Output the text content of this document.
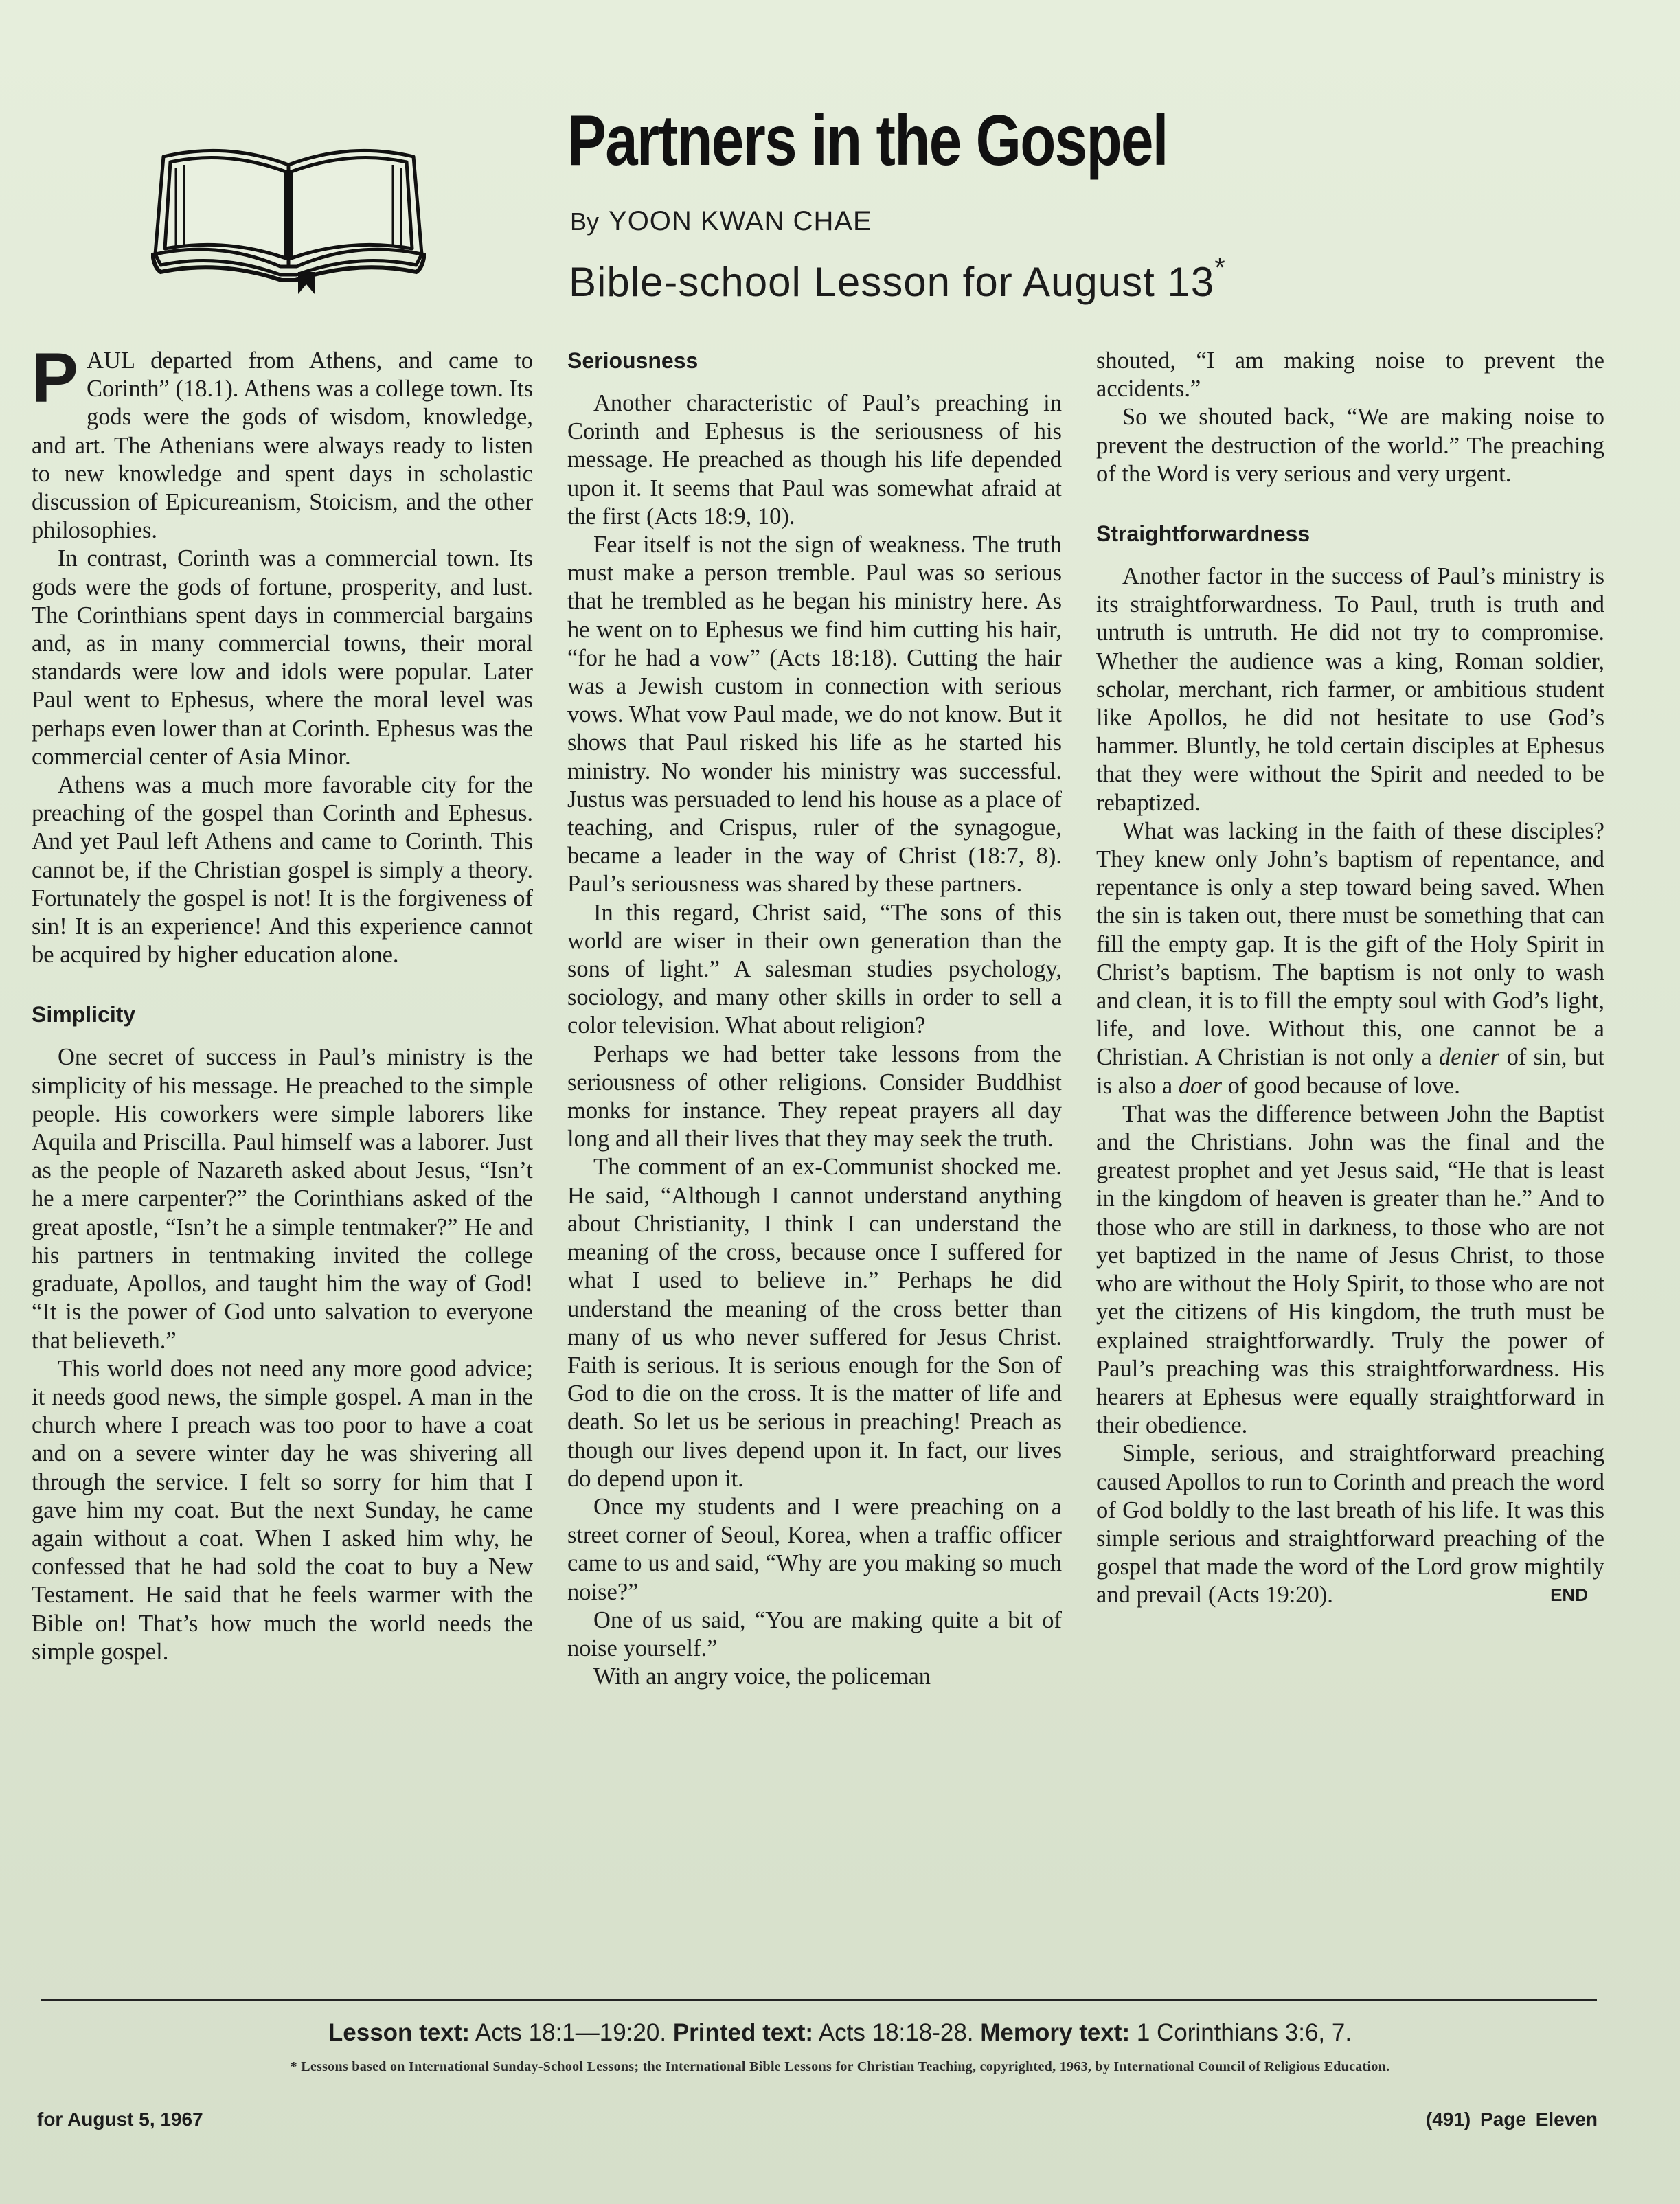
Partners in the Gospel
By YOON KWAN CHAE
Bible-school Lesson for August 13*

PAUL departed from Athens, and came to Corinth” (18.1). Athens was a college town. Its gods were the gods of wisdom, knowledge, and art. The Athenians were always ready to listen to new knowledge and spent days in scholastic discussion of Epicureanism, Stoicism, and the other philosophies.

In contrast, Corinth was a commercial town. Its gods were the gods of fortune, prosperity, and lust. The Corinthians spent days in commercial bargains and, as in many commercial towns, their moral standards were low and idols were popular. Later Paul went to Ephesus, where the moral level was perhaps even lower than at Corinth. Ephesus was the commercial center of Asia Minor.

Athens was a much more favorable city for the preaching of the gospel than Corinth and Ephesus. And yet Paul left Athens and came to Corinth. This cannot be, if the Christian gospel is simply a theory. Fortunately the gospel is not! It is the forgiveness of sin! It is an experience! And this experience cannot be acquired by higher education alone.

Simplicity

One secret of success in Paul’s ministry is the simplicity of his message. He preached to the simple people. His coworkers were simple laborers like Aquila and Priscilla. Paul himself was a laborer. Just as the people of Nazareth asked about Jesus, “Isn’t he a mere carpenter?” the Corinthians asked of the great apostle, “Isn’t he a simple tentmaker?” He and his partners in tentmaking invited the college graduate, Apollos, and taught him the way of God! “It is the power of God unto salvation to everyone that believeth.”

This world does not need any more good advice; it needs good news, the simple gospel. A man in the church where I preach was too poor to have a coat and on a severe winter day he was shivering all through the service. I felt so sorry for him that I gave him my coat. But the next Sunday, he came again without a coat. When I asked him why, he confessed that he had sold the coat to buy a New Testament. He said that he feels warmer with the Bible on! That’s how much the world needs the simple gospel.

Seriousness

Another characteristic of Paul’s preaching in Corinth and Ephesus is the seriousness of his message. He preached as though his life depended upon it. It seems that Paul was somewhat afraid at the first (Acts 18:9, 10).

Fear itself is not the sign of weakness. The truth must make a person tremble. Paul was so serious that he trembled as he began his ministry here. As he went on to Ephesus we find him cutting his hair, “for he had a vow” (Acts 18:18). Cutting the hair was a Jewish custom in connection with serious vows. What vow Paul made, we do not know. But it shows that Paul risked his life as he started his ministry. No wonder his ministry was successful. Justus was persuaded to lend his house as a place of teaching, and Crispus, ruler of the synagogue, became a leader in the way of Christ (18:7, 8). Paul’s seriousness was shared by these partners.

In this regard, Christ said, “The sons of this world are wiser in their own generation than the sons of light.” A salesman studies psychology, sociology, and many other skills in order to sell a color television. What about religion?

Perhaps we had better take lessons from the seriousness of other religions. Consider Buddhist monks for instance. They repeat prayers all day long and all their lives that they may seek the truth.

The comment of an ex-Communist shocked me. He said, “Although I cannot understand anything about Christianity, I think I can understand the meaning of the cross, because once I suffered for what I used to believe in.” Perhaps he did understand the meaning of the cross better than many of us who never suffered for Jesus Christ. Faith is serious. It is serious enough for the Son of God to die on the cross. It is the matter of life and death. So let us be serious in preaching! Preach as though our lives depend upon it. In fact, our lives do depend upon it.

Once my students and I were preaching on a street corner of Seoul, Korea, when a traffic officer came to us and said, “Why are you making so much noise?”

One of us said, “You are making quite a bit of noise yourself.”

With an angry voice, the policeman

shouted, “I am making noise to prevent the accidents.”

So we shouted back, “We are making noise to prevent the destruction of the world.” The preaching of the Word is very serious and very urgent.

Straightforwardness

Another factor in the success of Paul’s ministry is its straightforwardness. To Paul, truth is truth and untruth is untruth. He did not try to compromise. Whether the audience was a king, Roman soldier, scholar, merchant, rich farmer, or ambitious student like Apollos, he did not hesitate to use God’s hammer. Bluntly, he told certain disciples at Ephesus that they were without the Spirit and needed to be rebaptized.

What was lacking in the faith of these disciples? They knew only John’s baptism of repentance, and repentance is only a step toward being saved. When the sin is taken out, there must be something that can fill the empty gap. It is the gift of the Holy Spirit in Christ’s baptism. The baptism is not only to wash and clean, it is to fill the empty soul with God’s light, life, and love. Without this, one cannot be a Christian. A Christian is not only a denier of sin, but is also a doer of good because of love.

That was the difference between John the Baptist and the Christians. John was the final and the greatest prophet and yet Jesus said, “He that is least in the kingdom of heaven is greater than he.” And to those who are still in darkness, to those who are not yet baptized in the name of Jesus Christ, to those who are without the Holy Spirit, to those who are not yet the citizens of His kingdom, the truth must be explained straightforwardly. Truly the power of Paul’s preaching was this straightforwardness. His hearers at Ephesus were equally straightforward in their obedience.

Simple, serious, and straightforward preaching caused Apollos to run to Corinth and preach the word of God boldly to the last breath of his life. It was this simple serious and straightforward preaching of the gospel that made the word of the Lord grow mightily and prevail (Acts 19:20).	END

Lesson text: Acts 18:1—19:20. Printed text: Acts 18:18-28. Memory text: 1 Corinthians 3:6, 7.
* Lessons based on International Sunday-School Lessons; the International Bible Lessons for Christian Teaching, copyrighted, 1963, by International Council of Religious Education.
for August 5, 1967	(491) Page Eleven
